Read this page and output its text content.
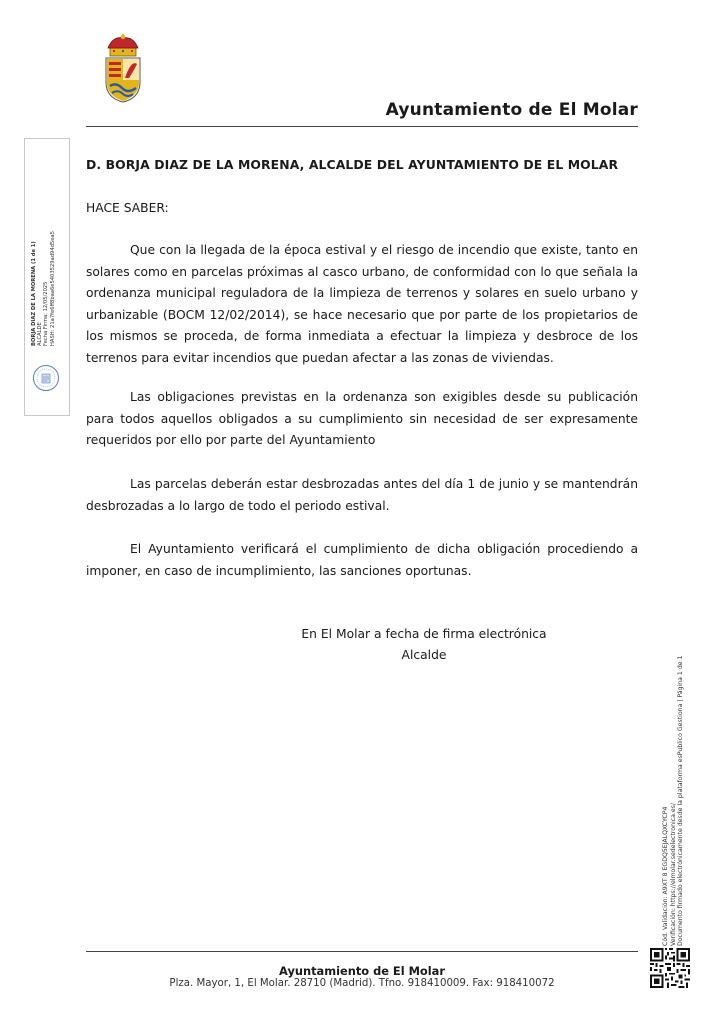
Ayuntamiento de El Molar
D. BORJA DIAZ DE LA MORENA, ALCALDE DEL AYUNTAMIENTO DE EL MOLAR
HACE SABER:

Que con la llegada de la época estival y el riesgo de incendio que existe, tanto en solares como en parcelas próximas al casco urbano, de conformidad con lo que señala la ordenanza municipal reguladora de la limpieza de terrenos y solares en suelo urbano y urbanizable (BOCM 12/02/2014), se hace necesario que por parte de los propietarios de los mismos se proceda, de forma inmediata a efectuar la limpieza y desbroce de los terrenos para evitar incendios que puedan afectar a las zonas de viviendas.

Las obligaciones previstas en la ordenanza son exigibles desde su publicación para todos aquellos obligados a su cumplimiento sin necesidad de ser expresamente requeridos por ello por parte del Ayuntamiento

Las parcelas deberán estar desbrozadas antes del día 1 de junio y se mantendrán desbrozadas a lo largo de todo el periodo estival.

El Ayuntamiento verificará el cumplimiento de dicha obligación procediendo a imponer, en caso de incumplimiento, las sanciones oportunas.

En El Molar a fecha de firma electrónica
Alcalde
BORJA DIAZ DE LA MORENA (1 de 1) ALCALDE Fecha Firma: 12/05/2025 HASH: 21a7fe6ff8baa6e5403529ad94d5ea5
Cód. Validación: A9XT 8 EGDQ5EJALQXCYCP4 Verificación: https://elmolar.sedelectronica.es/ Documento firmado electrónicamente desde la plataforma esPublico Gestiona | Página 1 de 1
Ayuntamiento de El Molar
Plza. Mayor, 1, El Molar. 28710 (Madrid). Tfno. 918410009. Fax: 918410072
